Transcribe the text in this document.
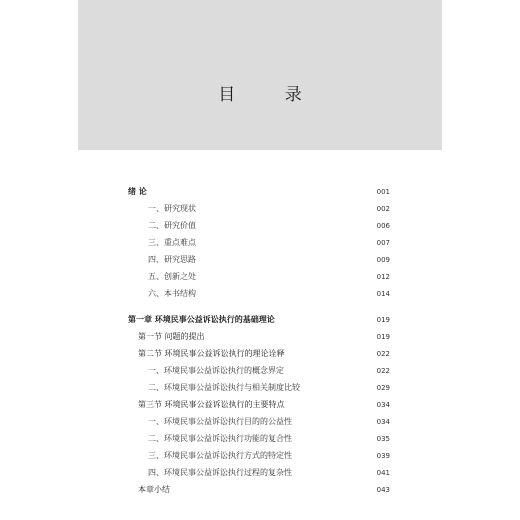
目 录
绪 论	001
一、研究现状	002
二、研究价值	006
三、重点难点	007
四、研究思路	009
五、创新之处	012
六、本书结构	014
第一章 环境民事公益诉讼执行的基础理论	019
第一节 问题的提出	019
第二节 环境民事公益诉讼执行的理论诠释	022
一、环境民事公益诉讼执行的概念界定	022
二、环境民事公益诉讼执行与相关制度比较	029
第三节 环境民事公益诉讼执行的主要特点	034
一、环境民事公益诉讼执行目的的公益性	034
二、环境民事公益诉讼执行功能的复合性	035
三、环境民事公益诉讼执行方式的特定性	039
四、环境民事公益诉讼执行过程的复杂性	041
本章小结	043
